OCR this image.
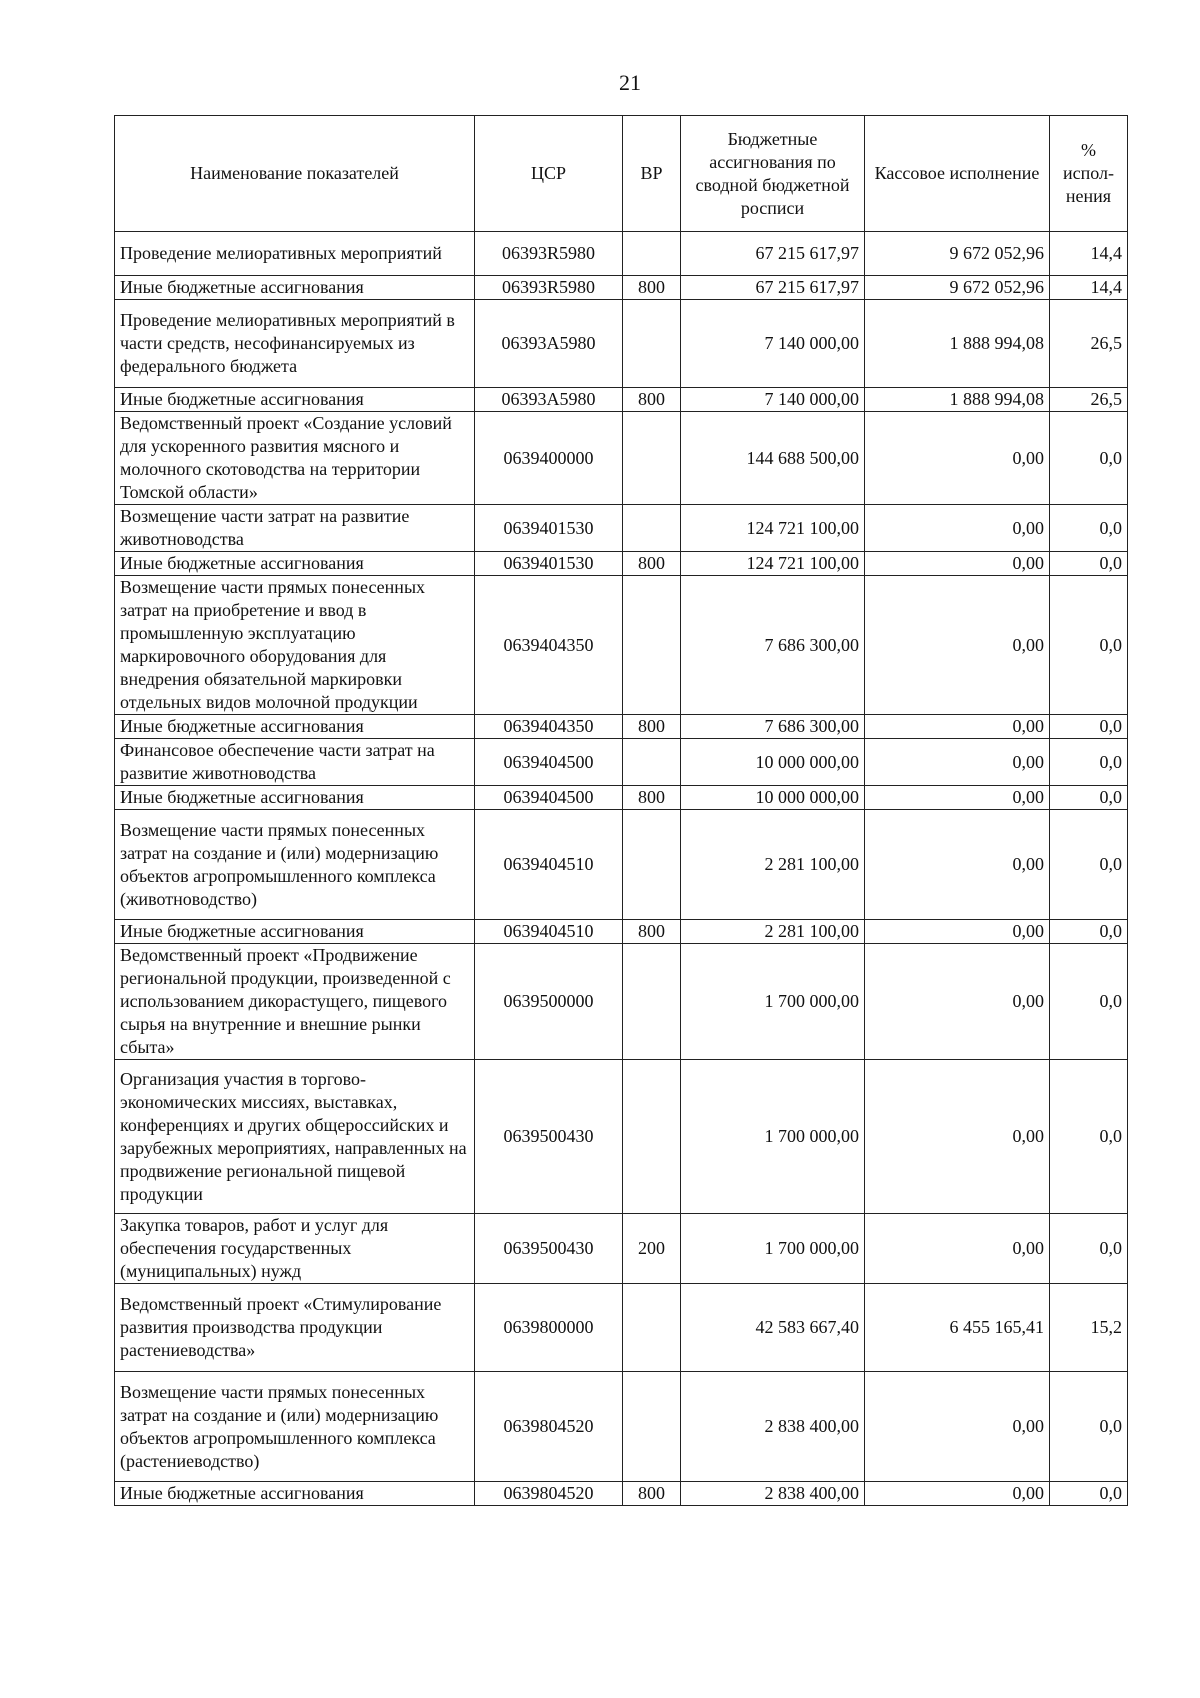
21
Наименование показателей	ЦСР	ВР	Бюджетные ассигнования по сводной бюджетной росписи	Кассовое исполнение	% испол-нения
Проведение мелиоративных мероприятий	06393R5980		67 215 617,97	9 672 052,96	14,4
Иные бюджетные ассигнования	06393R5980	800	67 215 617,97	9 672 052,96	14,4
Проведение мелиоративных мероприятий в части средств, несофинансируемых из федерального бюджета	06393A5980		7 140 000,00	1 888 994,08	26,5
Иные бюджетные ассигнования	06393A5980	800	7 140 000,00	1 888 994,08	26,5
Ведомственный проект «Создание условий для ускоренного развития мясного и молочного скотоводства на территории Томской области»	0639400000		144 688 500,00	0,00	0,0
Возмещение части затрат на развитие животноводства	0639401530		124 721 100,00	0,00	0,0
Иные бюджетные ассигнования	0639401530	800	124 721 100,00	0,00	0,0
Возмещение части прямых понесенных затрат на приобретение и ввод в промышленную эксплуатацию маркировочного оборудования для внедрения обязательной маркировки отдельных видов молочной продукции	0639404350		7 686 300,00	0,00	0,0
Иные бюджетные ассигнования	0639404350	800	7 686 300,00	0,00	0,0
Финансовое обеспечение части затрат на развитие животноводства	0639404500		10 000 000,00	0,00	0,0
Иные бюджетные ассигнования	0639404500	800	10 000 000,00	0,00	0,0
Возмещение части прямых понесенных затрат на создание и (или) модернизацию объектов агропромышленного комплекса (животноводство)	0639404510		2 281 100,00	0,00	0,0
Иные бюджетные ассигнования	0639404510	800	2 281 100,00	0,00	0,0
Ведомственный проект «Продвижение региональной продукции, произведенной с использованием дикорастущего, пищевого сырья на внутренние и внешние рынки сбыта»	0639500000		1 700 000,00	0,00	0,0
Организация участия в торгово-экономических миссиях, выставках, конференциях и других общероссийских и зарубежных мероприятиях, направленных на продвижение региональной пищевой продукции	0639500430		1 700 000,00	0,00	0,0
Закупка товаров, работ и услуг для обеспечения государственных (муниципальных) нужд	0639500430	200	1 700 000,00	0,00	0,0
Ведомственный проект «Стимулирование развития производства продукции растениеводства»	0639800000		42 583 667,40	6 455 165,41	15,2
Возмещение части прямых понесенных затрат на создание и (или) модернизацию объектов агропромышленного комплекса (растениеводство)	0639804520		2 838 400,00	0,00	0,0
Иные бюджетные ассигнования	0639804520	800	2 838 400,00	0,00	0,0
